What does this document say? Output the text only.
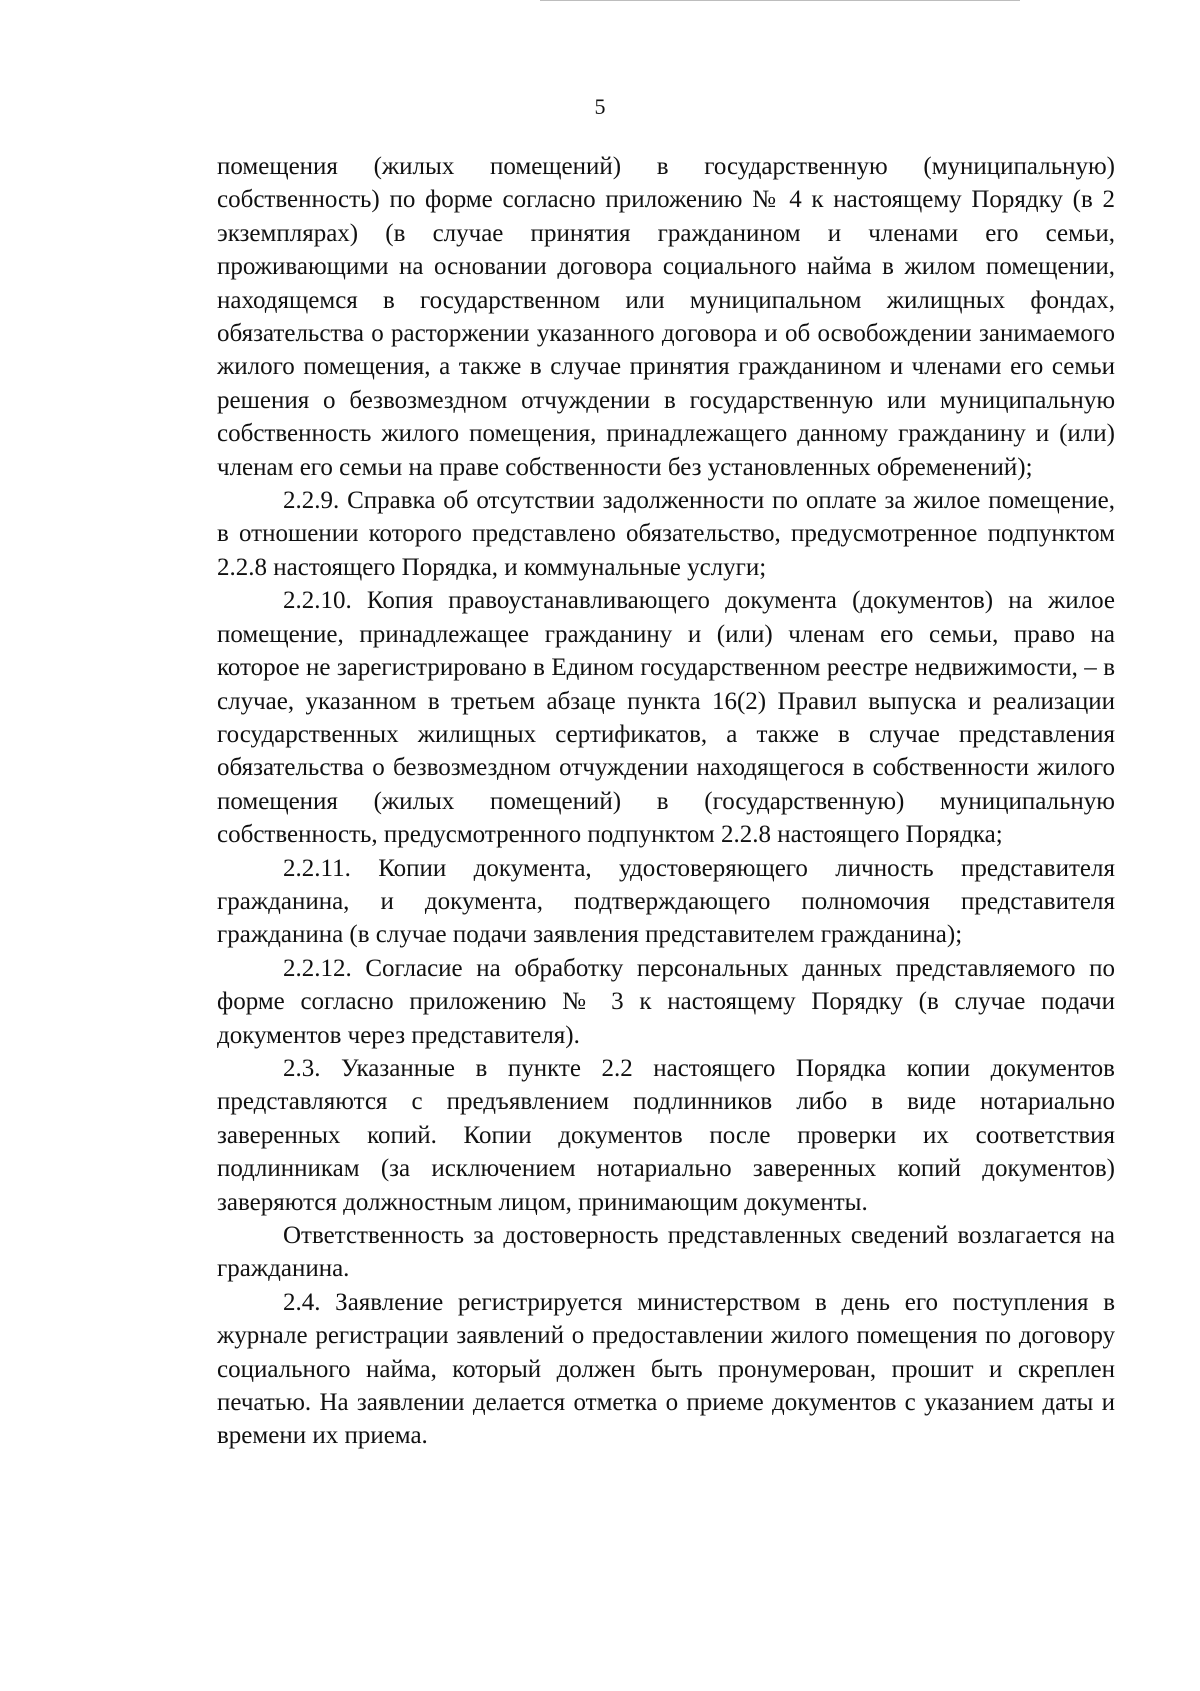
5

помещения (жилых помещений) в государственную (муниципальную) собственность) по форме согласно приложению № 4 к настоящему Порядку (в 2 экземплярах) (в случае принятия гражданином и членами его семьи, проживающими на основании договора социального найма в жилом помещении, находящемся в государственном или муниципальном жилищных фондах, обязательства о расторжении указанного договора и об освобождении занимаемого жилого помещения, а также в случае принятия гражданином и членами его семьи решения о безвозмездном отчуждении в государственную или муниципальную собственность жилого помещения, принадлежащего данному гражданину и (или) членам его семьи на праве собственности без установленных обременений);

2.2.9. Справка об отсутствии задолженности по оплате за жилое помещение, в отношении которого представлено обязательство, предусмотренное подпунктом 2.2.8 настоящего Порядка, и коммунальные услуги;

2.2.10. Копия правоустанавливающего документа (документов) на жилое помещение, принадлежащее гражданину и (или) членам его семьи, право на которое не зарегистрировано в Едином государственном реестре недвижимости, – в случае, указанном в третьем абзаце пункта 16(2) Правил выпуска и реализации государственных жилищных сертификатов, а также в случае представления обязательства о безвозмездном отчуждении находящегося в собственности жилого помещения (жилых помещений) в (государственную) муниципальную собственность, предусмотренного подпунктом 2.2.8 настоящего Порядка;

2.2.11. Копии документа, удостоверяющего личность представителя гражданина, и документа, подтверждающего полномочия представителя гражданина (в случае подачи заявления представителем гражданина);

2.2.12. Согласие на обработку персональных данных представляемого по форме согласно приложению № 3 к настоящему Порядку (в случае подачи документов через представителя).

2.3. Указанные в пункте 2.2 настоящего Порядка копии документов представляются с предъявлением подлинников либо в виде нотариально заверенных копий. Копии документов после проверки их соответствия подлинникам (за исключением нотариально заверенных копий документов) заверяются должностным лицом, принимающим документы.

Ответственность за достоверность представленных сведений возлагается на гражданина.

2.4. Заявление регистрируется министерством в день его поступления в журнале регистрации заявлений о предоставлении жилого помещения по договору социального найма, который должен быть пронумерован, прошит и скреплен печатью. На заявлении делается отметка о приеме документов с указанием даты и времени их приема.
